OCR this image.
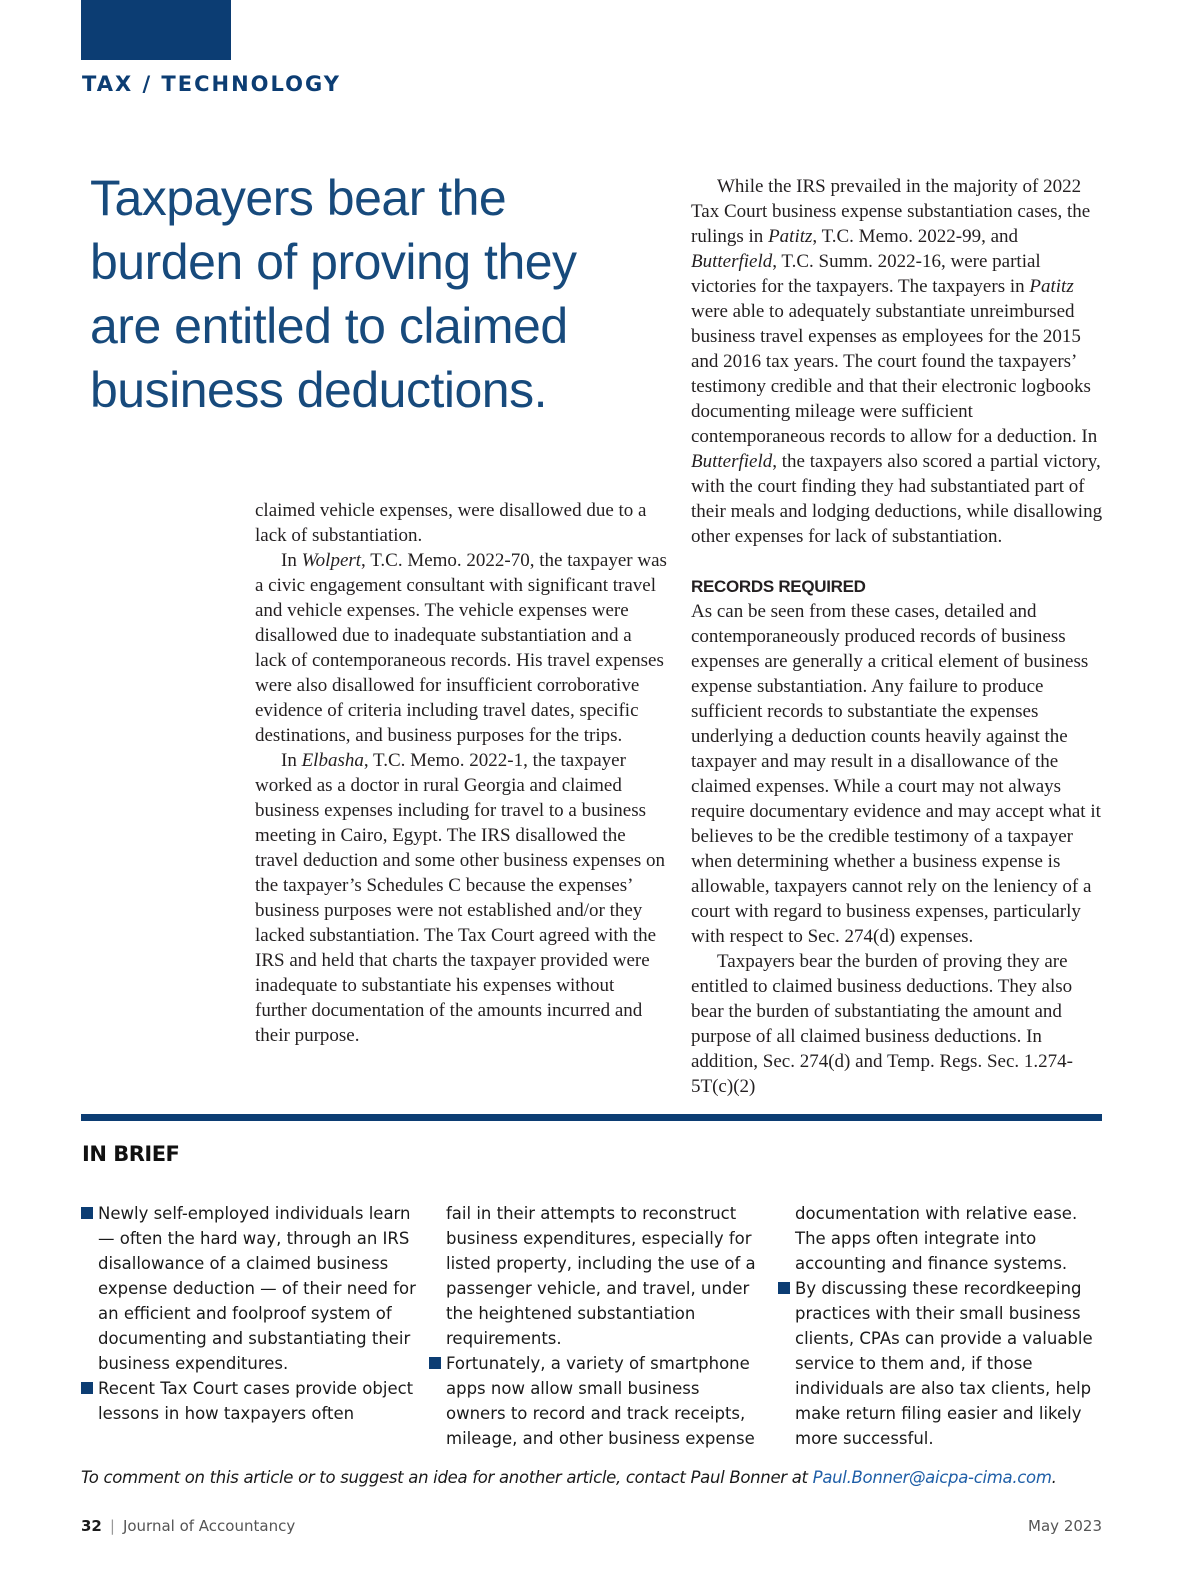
TAX / TECHNOLOGY
Taxpayers bear the burden of proving they are entitled to claimed business deductions.

claimed vehicle expenses, were disallowed due to a lack of substantiation.

In Wolpert, T.C. Memo. 2022-70, the taxpayer was a civic engagement consultant with significant travel and vehicle expenses. The vehicle expenses were disallowed due to inadequate substantiation and a lack of contemporaneous records. His travel expenses were also disallowed for insufficient corroborative evidence of criteria including travel dates, specific destinations, and business purposes for the trips.

In Elbasha, T.C. Memo. 2022-1, the taxpayer worked as a doctor in rural Georgia and claimed business expenses including for travel to a business meeting in Cairo, Egypt. The IRS disallowed the travel deduction and some other business expenses on the taxpayer’s Schedules C because the expenses’ business purposes were not established and/or they lacked substantiation. The Tax Court agreed with the IRS and held that charts the taxpayer provided were inadequate to substantiate his expenses without further documentation of the amounts incurred and their purpose.

While the IRS prevailed in the majority of 2022 Tax Court business expense substantiation cases, the rulings in Patitz, T.C. Memo. 2022-99, and Butterfield, T.C. Summ. 2022-16, were partial victories for the taxpayers. The taxpayers in Patitz were able to adequately substantiate unreimbursed business travel expenses as employees for the 2015 and 2016 tax years. The court found the taxpayers’ testimony credible and that their electronic logbooks documenting mileage were sufficient contemporaneous records to allow for a deduction. In Butterfield, the taxpayers also scored a partial victory, with the court finding they had substantiated part of their meals and lodging deductions, while disallowing other expenses for lack of substantiation.

RECORDS REQUIRED

As can be seen from these cases, detailed and contemporaneously produced records of business expenses are generally a critical element of business expense substantiation. Any failure to produce sufficient records to substantiate the expenses underlying a deduction counts heavily against the taxpayer and may result in a disallowance of the claimed expenses. While a court may not always require documentary evidence and may accept what it believes to be the credible testimony of a taxpayer when determining whether a business expense is allowable, taxpayers cannot rely on the leniency of a court with regard to business expenses, particularly with respect to Sec. 274(d) expenses.

Taxpayers bear the burden of proving they are entitled to claimed business deductions. They also bear the burden of substantiating the amount and purpose of all claimed business deductions. In addition, Sec. 274(d) and Temp. Regs. Sec. 1.274-5T(c)(2)

IN BRIEF
Newly self-employed individuals learn — often the hard way, through an IRS disallowance of a claimed business expense deduction — of their need for an efficient and foolproof system of documenting and substantiating their business expenditures.
Recent Tax Court cases provide object lessons in how taxpayers often
fail in their attempts to reconstruct business expenditures, especially for listed property, including the use of a passenger vehicle, and travel, under the heightened substantiation requirements.
Fortunately, a variety of smartphone apps now allow small business owners to record and track receipts, mileage, and other business expense
documentation with relative ease. The apps often integrate into accounting and finance systems.
By discussing these recordkeeping practices with their small business clients, CPAs can provide a valuable service to them and, if those individuals are also tax clients, help make return filing easier and likely more successful.
To comment on this article or to suggest an idea for another article, contact Paul Bonner at Paul.Bonner@aicpa-cima.com.
32 | Journal of Accountancy	May 2023
